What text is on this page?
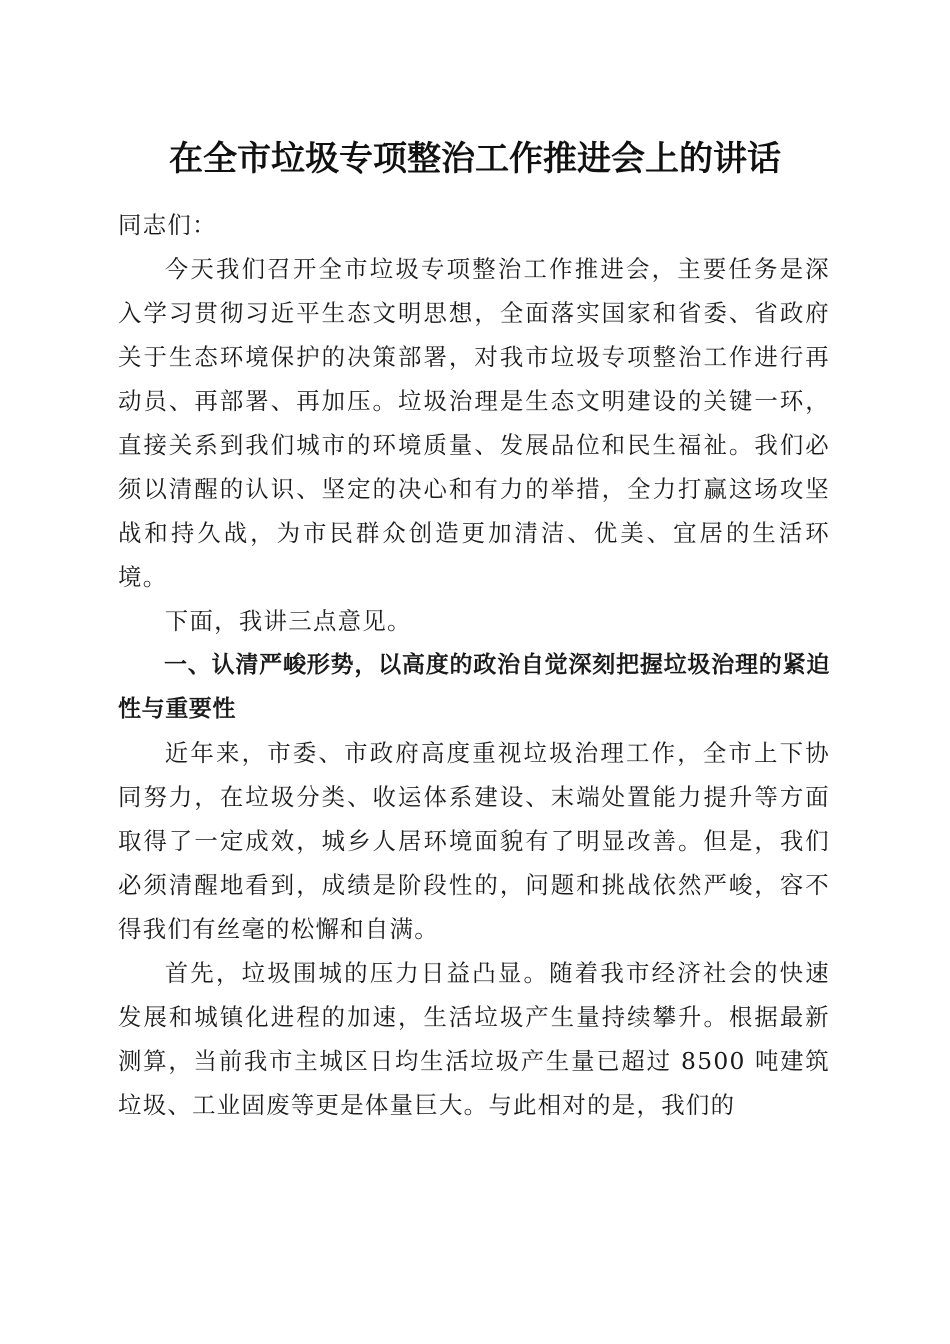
在全市垃圾专项整治工作推进会上的讲话

同志们：

今天我们召开全市垃圾专项整治工作推进会，主要任务是深入学习贯彻习近平生态文明思想，全面落实国家和省委、省政府关于生态环境保护的决策部署，对我市垃圾专项整治工作进行再动员、再部署、再加压。垃圾治理是生态文明建设的关键一环，直接关系到我们城市的环境质量、发展品位和民生福祉。我们必须以清醒的认识、坚定的决心和有力的举措，全力打赢这场攻坚战和持久战，为市民群众创造更加清洁、优美、宜居的生活环境。

下面，我讲三点意见。

一、认清严峻形势，以高度的政治自觉深刻把握垃圾治理的紧迫性与重要性

近年来，市委、市政府高度重视垃圾治理工作，全市上下协同努力，在垃圾分类、收运体系建设、末端处置能力提升等方面取得了一定成效，城乡人居环境面貌有了明显改善。但是，我们必须清醒地看到，成绩是阶段性的，问题和挑战依然严峻，容不得我们有丝毫的松懈和自满。

首先，垃圾围城的压力日益凸显。随着我市经济社会的快速发展和城镇化进程的加速，生活垃圾产生量持续攀升。根据最新测算，当前我市主城区日均生活垃圾产生量已超过 8500 吨建筑垃圾、工业固废等更是体量巨大。与此相对的是，我们的
